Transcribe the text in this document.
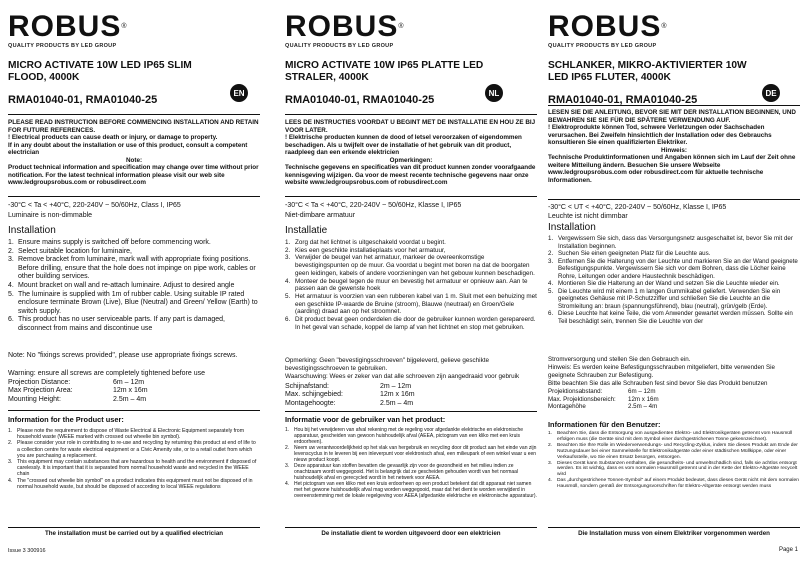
ROBUS®
QUALITY PRODUCTS BY LED GROUP
MICRO ACTIVATE 10W LED IP65 SLIM FLOOD, 4000K
EN
RMA01040-01, RMA01040-25
PLEASE READ INSTRUCTION BEFORE COMMENCING INSTALLATION AND RETAIN FOR FUTURE REFERENCES.
! Electrical products can cause death or injury, or damage to property.
If in any doubt about the installation or use of this product, consult a competent electrician
Note:
Product technical information and specification may change over time without prior notification. For the latest technical information please visit our web site www.ledgroupsrobus.com or robusdirect.com
-30°C < Ta < +40°C, 220-240V ~ 50/60Hz, Class I, IP65
Luminaire is non-dimmable
Installation
1. Ensure mains supply is switched off before commencing work.
2. Select suitable location for luminaire,
3. Remove bracket from luminaire, mark wall with appropriate fixing positions. Before drilling, ensure that the hole does not impinge on pipe work, cables or other building services.
4. Mount bracket on wall and re-attach luminaire. Adjust to desired angle
5. The luminaire is supplied with 1m of rubber cable. Using suitable IP rated enclosure terminate Brown (Live), Blue (Neutral) and Green/ Yellow (Earth) to switch supply.
6. This product has no user serviceable parts. If any part is damaged, disconnect from mains and discontinue use
Note: No "fixings screws provided", please use appropriate fixings screws.
Warning: ensure all screws are completely tightened before use
Projection Distance:	6m – 12m
Max Projection Area:	12m x 16m
Mounting Height:	2.5m – 4m
Information for the Product user:
1. Please note the requirement to dispose of Waste Electrical & Electronic Equipment separately from household waste (WEEE marked with crossed out wheelie bin symbol).
2. Please consider your role in contributing to re-use and recycling by returning this product at end of life to a collection centre for waste electrical equipment or a Civic Amenity site, or to a retail outlet from which you are purchasing a replacement.
3. This equipment may contain substances that are hazardous to health and the environment if disposed of carelessly. It is important that it is separated from normal household waste and recycled in the WEEE chain
4. The "crossed out wheelie bin symbol" on a product indicates this equipment must not be disposed of in normal household waste, but should be disposed of according to local WEEE regulations
The installation must be carried out by a qualified electrician
ROBUS®
QUALITY PRODUCTS BY LED GROUP
MICRO ACTIVATE 10W IP65 PLATTE LED STRALER, 4000K
NL
RMA01040-01, RMA01040-25
LEES DE INSTRUCTIES VOORDAT U BEGINT MET DE INSTALLATIE EN HOU ZE BIJ VOOR LATER.
! Elektrische producten kunnen de dood of letsel veroorzaken of eigendommen beschadigen. Als u twijfelt over de installatie of het gebruik van dit product, raadpleeg dan een erkende elektricien
Opmerkingen:
Technische gegevens en specificaties van dit product kunnen zonder voorafgaande kennisgeving wijzigen. Ga voor de meest recente technische gegevens naar onze website www.ledgroupsrobus.com of robusdirect.com
-30°C < Ta < +40°C, 220-240V ~ 50/60Hz, Klasse I, IP65
Niet-dimbare armatuur
Installatie
1. Zorg dat het lichtnet is uitgeschakeld voordat u begint.
2. Kies een geschikte installatieplaats voor het armatuur,
3. Verwijder de beugel van het armatuur, markeer de overeenkomstige bevestigingspunten op de muur. Ga voordat u begint met boren na dat de boorgaten geen leidingen, kabels of andere voorzieningen van het gebouw kunnen beschadigen.
4. Monteer de beugel tegen de muur en bevestig het armatuur er opnieuw aan. Aan te passen aan de gewenste hoek
5. Het armatuur is voorzien van een rubberen kabel van 1 m. Sluit met een behuizing met een geschikte IP-waarde de Bruine (stroom), Blauwe (neutraal) en Groen/Gele (aarding) draad aan op het stroomnet.
6. Dit product bevat geen onderdelen die door de gebruiker kunnen worden gerepareerd. In het geval van schade, koppel de lamp af van het lichtnet en stop met gebruiken.
Opmerking: Geen "bevestigingsschroeven" bijgeleverd, gelieve geschikte bevestigingsschroeven te gebruiken.
Waarschuwing: Wees er zeker van dat alle schroeven zijn aangedraaid voor gebruik
Schijnafstand:	2m – 12m
Max. schijngebied:	12m x 16m
Montagehoogte:	2.5m – 4m
Informatie voor de gebruiker van het product:
1. Hou bij het verwijderen van afval rekening met de regeling voor afgedankte elektrische en elektronische apparatuur, gescheiden van gewoon huishoudelijk afval (AEEA, pictogram van een kliko met een kruis erdoorheen).
2. Neem uw verantwoordelijkheid op het vlak van hergebruik en recycling door dit product aan het einde van zijn levenscyclus in te leveren bij een inleverpunt voor elektronisch afval, een milieupark of een winkel waar u een nieuw product koopt.
3. Deze apparatuur kan stoffen bevatten die gevaarlijk zijn voor de gezondheid en het milieu indien ze onachtzaam wordt weggegooid. Het is belangrijk dat ze gescheiden gehouden wordt van het normaal huishoudelijk afval en gerecycled wordt in het netwerk voor AEEA.
4. Het pictogram van een kliko met een kruis erdoorheen op een product betekent dat dit apparaat niet samen met het gewone huishoudelijk afval mag worden weggegooid, maar dat het dient te worden verwijderd in overeenstemming met de lokale regelgeving voor AEEA (afgedankte elektrische en elektronische apparatuur).
De installatie dient te worden uitgevoerd door een elektricien
ROBUS®
QUALITY PRODUCTS BY LED GROUP
SCHLANKER, MIKRO-AKTIVIERTER 10W LED IP65 FLUTER, 4000K
DE
RMA01040-01, RMA01040-25
LESEN SIE DIE ANLEITUNG, BEVOR SIE MIT DER INSTALLATION BEGINNEN, UND BEWAHREN SIE SIE FÜR DIE SPÄTERE VERWENDUNG AUF.
! Elektroprodukte können Tod, schwere Verletzungen oder Sachschaden verursachen. Bei Zweifeln hinsichtlich der Installation oder des Gebrauchs konsultieren Sie einen qualifizierten Elektriker.
Hinweis:
Technische Produktinformationen und Angaben können sich im Lauf der Zeit ohne weitere Mitteilung ändern. Besuchen Sie unsere Webseite www.ledgroupsrobus.com oder robusdirect.com für aktuelle technische Informationen.
-30°C < UT < +40°C, 220-240V ~ 50/60Hz, Klasse I, IP65
Leuchte ist nicht dimmbar
Installation
1. Vergewissern Sie sich, dass das Versorgungsnetz ausgeschaltet ist, bevor Sie mit der Installation beginnen.
2. Suchen Sie einen geeigneten Platz für die Leuchte aus.
3. Entfernen Sie die Halterung von der Leuchte und markieren Sie an der Wand geeignete Befestigungspunkte. Vergewissern Sie sich vor dem Bohren, dass die Löcher keine Rohre, Leitungen oder andere Haustechnik beschädigen.
4. Montieren Sie die Halterung an der Wand und setzen Sie die Leuchte wieder ein.
5. Die Leuchte wird mit einem 1 m langen Gummikabel geliefert. Verwenden Sie ein geeignetes Gehäuse mit IP-Schutzziffer und schließen Sie die Leuchte an die Stromleitung an: braun (spannungsführend), blau (neutral), grün/gelb (Erde).
6. Diese Leuchte hat keine Teile, die vom Anwender gewartet werden müssen. Sollte ein Teil beschädigt sein, trennen Sie die Leuchte von der
Stromversorgung und stellen Sie den Gebrauch ein.
Hinweis: Es werden keine Befestigungsschrauben mitgeliefert, bitte verwenden Sie geeignete Schrauben zur Befestigung.
Bitte beachten Sie das alle Schrauben fest sind bevor Sie das Produkt benutzen
Projektionsabstand:	6m – 12m
Max. Projektionsbereich:	12m x 16m
Montagehöhe	2.5m – 4m
Informationen für den Benutzer:
1.	Beachten Sie, dass die Entsorgung von ausgedienten Elektro- und Elektronikgeräten getrennt vom Hausmüll erfolgen muss (die Geräte sind mit dem Symbol einer durchgestrichenen Tonne gekennzeichnet).
2.	Beachten Sie Ihre Rolle im Wiederverwendungs- und Recycling-Zyklus, indem Sie dieses Produkt am Ende der Nutzungsdauer bei einer Sammelstelle für Elektronikaltgeräte oder einer städtischen Müllkippe, oder einer Verkaufsstelle, wo Sie einen Ersatz besorgen, entsorgen.
3.	Dieses Gerät kann Substanzen enthalten, die gesundheits- und umweltschädlich sind, falls sie achtlos entsorgt werden. Es ist wichtig, dass es vom normalen Hausmüll getrennt und in der Kette der Elektro-Altgeräte recycelt wird
4.	Das „durchgestrichene Tonnen-Symbol" auf einem Produkt bedeutet, dass dieses Gerät nicht mit dem normalen Hausmüll, sondern gemäß der Entsorgungsvorschriften für Elektro-Altgeräte entsorgt werden muss
Die Installation muss von einem Elektriker vorgenommen werden
Issue 3 300916	Page 1
